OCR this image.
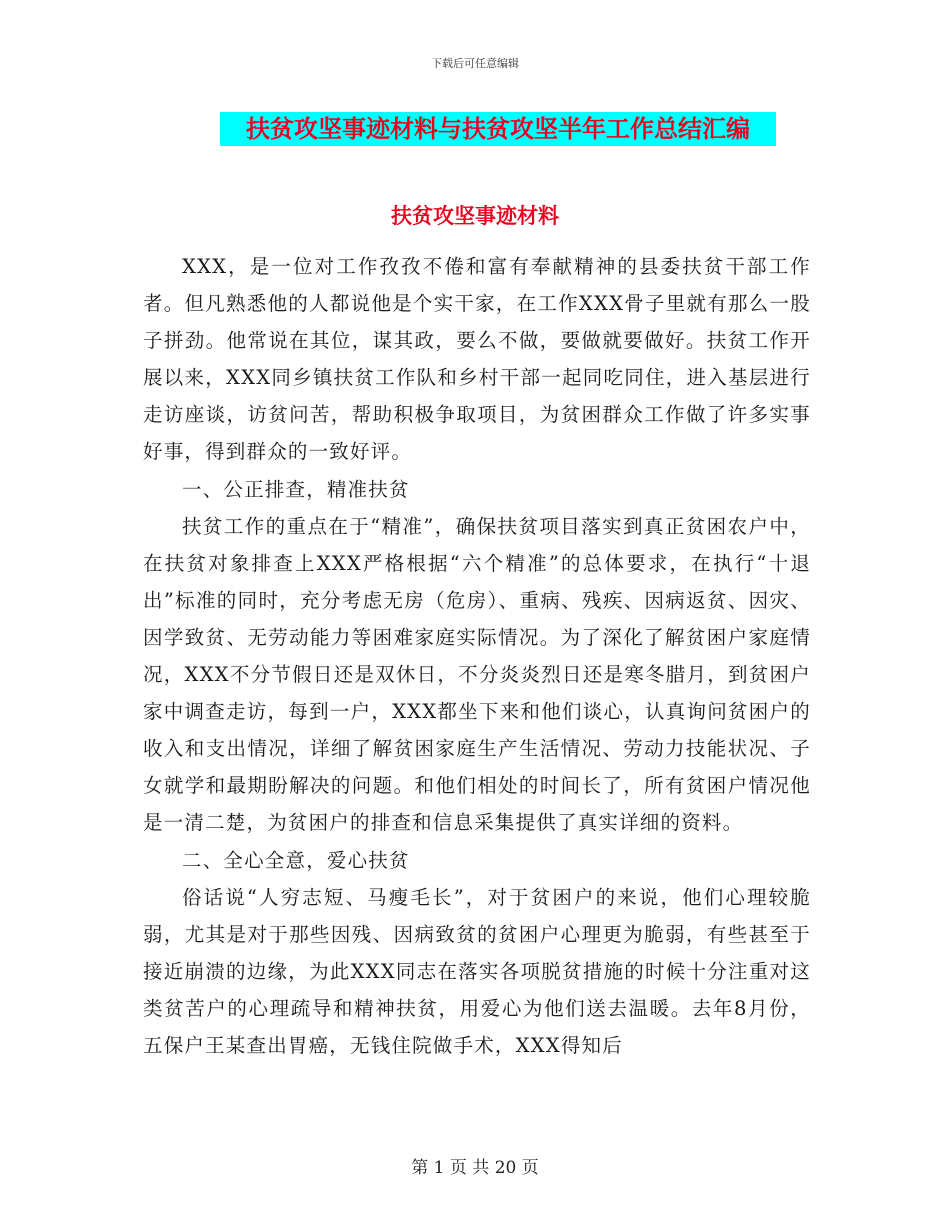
下载后可任意编辑
扶贫攻坚事迹材料与扶贫攻坚半年工作总结汇编
扶贫攻坚事迹材料

XXX，是一位对工作孜孜不倦和富有奉献精神的县委扶贫干部工作者。但凡熟悉他的人都说他是个实干家，在工作XXX骨子里就有那么一股子拼劲。他常说在其位，谋其政，要么不做，要做就要做好。扶贫工作开展以来，XXX同乡镇扶贫工作队和乡村干部一起同吃同住，进入基层进行走访座谈，访贫问苦，帮助积极争取项目，为贫困群众工作做了许多实事好事，得到群众的一致好评。

一、公正排查，精准扶贫

扶贫工作的重点在于“精准”，确保扶贫项目落实到真正贫困农户中，在扶贫对象排查上XXX严格根据“六个精准”的总体要求，在执行“十退出”标准的同时，充分考虑无房（危房）、重病、残疾、因病返贫、因灾、因学致贫、无劳动能力等困难家庭实际情况。为了深化了解贫困户家庭情况，XXX不分节假日还是双休日，不分炎炎烈日还是寒冬腊月，到贫困户家中调查走访，每到一户，XXX都坐下来和他们谈心，认真询问贫困户的收入和支出情况，详细了解贫困家庭生产生活情况、劳动力技能状况、子女就学和最期盼解决的问题。和他们相处的时间长了，所有贫困户情况他是一清二楚，为贫困户的排查和信息采集提供了真实详细的资料。

二、全心全意，爱心扶贫

俗话说“人穷志短、马瘦毛长”，对于贫困户的来说，他们心理较脆弱，尤其是对于那些因残、因病致贫的贫困户心理更为脆弱，有些甚至于接近崩溃的边缘，为此XXX同志在落实各项脱贫措施的时候十分注重对这类贫苦户的心理疏导和精神扶贫，用爱心为他们送去温暖。去年8月份，五保户王某查出胃癌，无钱住院做手术，XXX得知后

第 1 页 共 20 页
